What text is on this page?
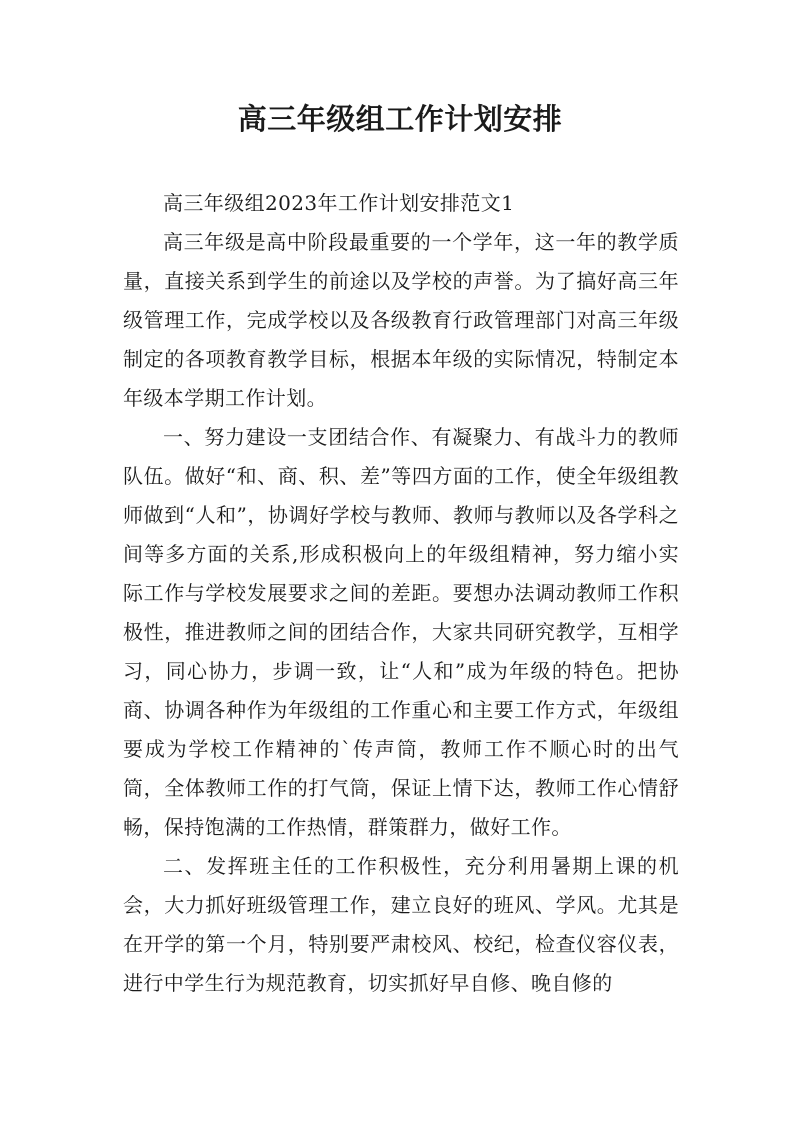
高三年级组工作计划安排

高三年级组2023年工作计划安排范文1

高三年级是高中阶段最重要的一个学年，这一年的教学质量，直接关系到学生的前途以及学校的声誉。为了搞好高三年级管理工作，完成学校以及各级教育行政管理部门对高三年级制定的各项教育教学目标，根据本年级的实际情况，特制定本年级本学期工作计划。

一、努力建设一支团结合作、有凝聚力、有战斗力的教师队伍。做好“和、商、积、差”等四方面的工作，使全年级组教师做到“人和”，协调好学校与教师、教师与教师以及各学科之间等多方面的关系,形成积极向上的年级组精神，努力缩小实际工作与学校发展要求之间的差距。要想办法调动教师工作积极性，推进教师之间的团结合作，大家共同研究教学，互相学习，同心协力，步调一致，让“人和”成为年级的特色。把协商、协调各种作为年级组的工作重心和主要工作方式，年级组要成为学校工作精神的`传声筒，教师工作不顺心时的出气筒，全体教师工作的打气筒，保证上情下达，教师工作心情舒畅，保持饱满的工作热情，群策群力，做好工作。

二、发挥班主任的工作积极性，充分利用暑期上课的机会，大力抓好班级管理工作，建立良好的班风、学风。尤其是在开学的第一个月，特别要严肃校风、校纪，检查仪容仪表，进行中学生行为规范教育，切实抓好早自修、晚自修的
